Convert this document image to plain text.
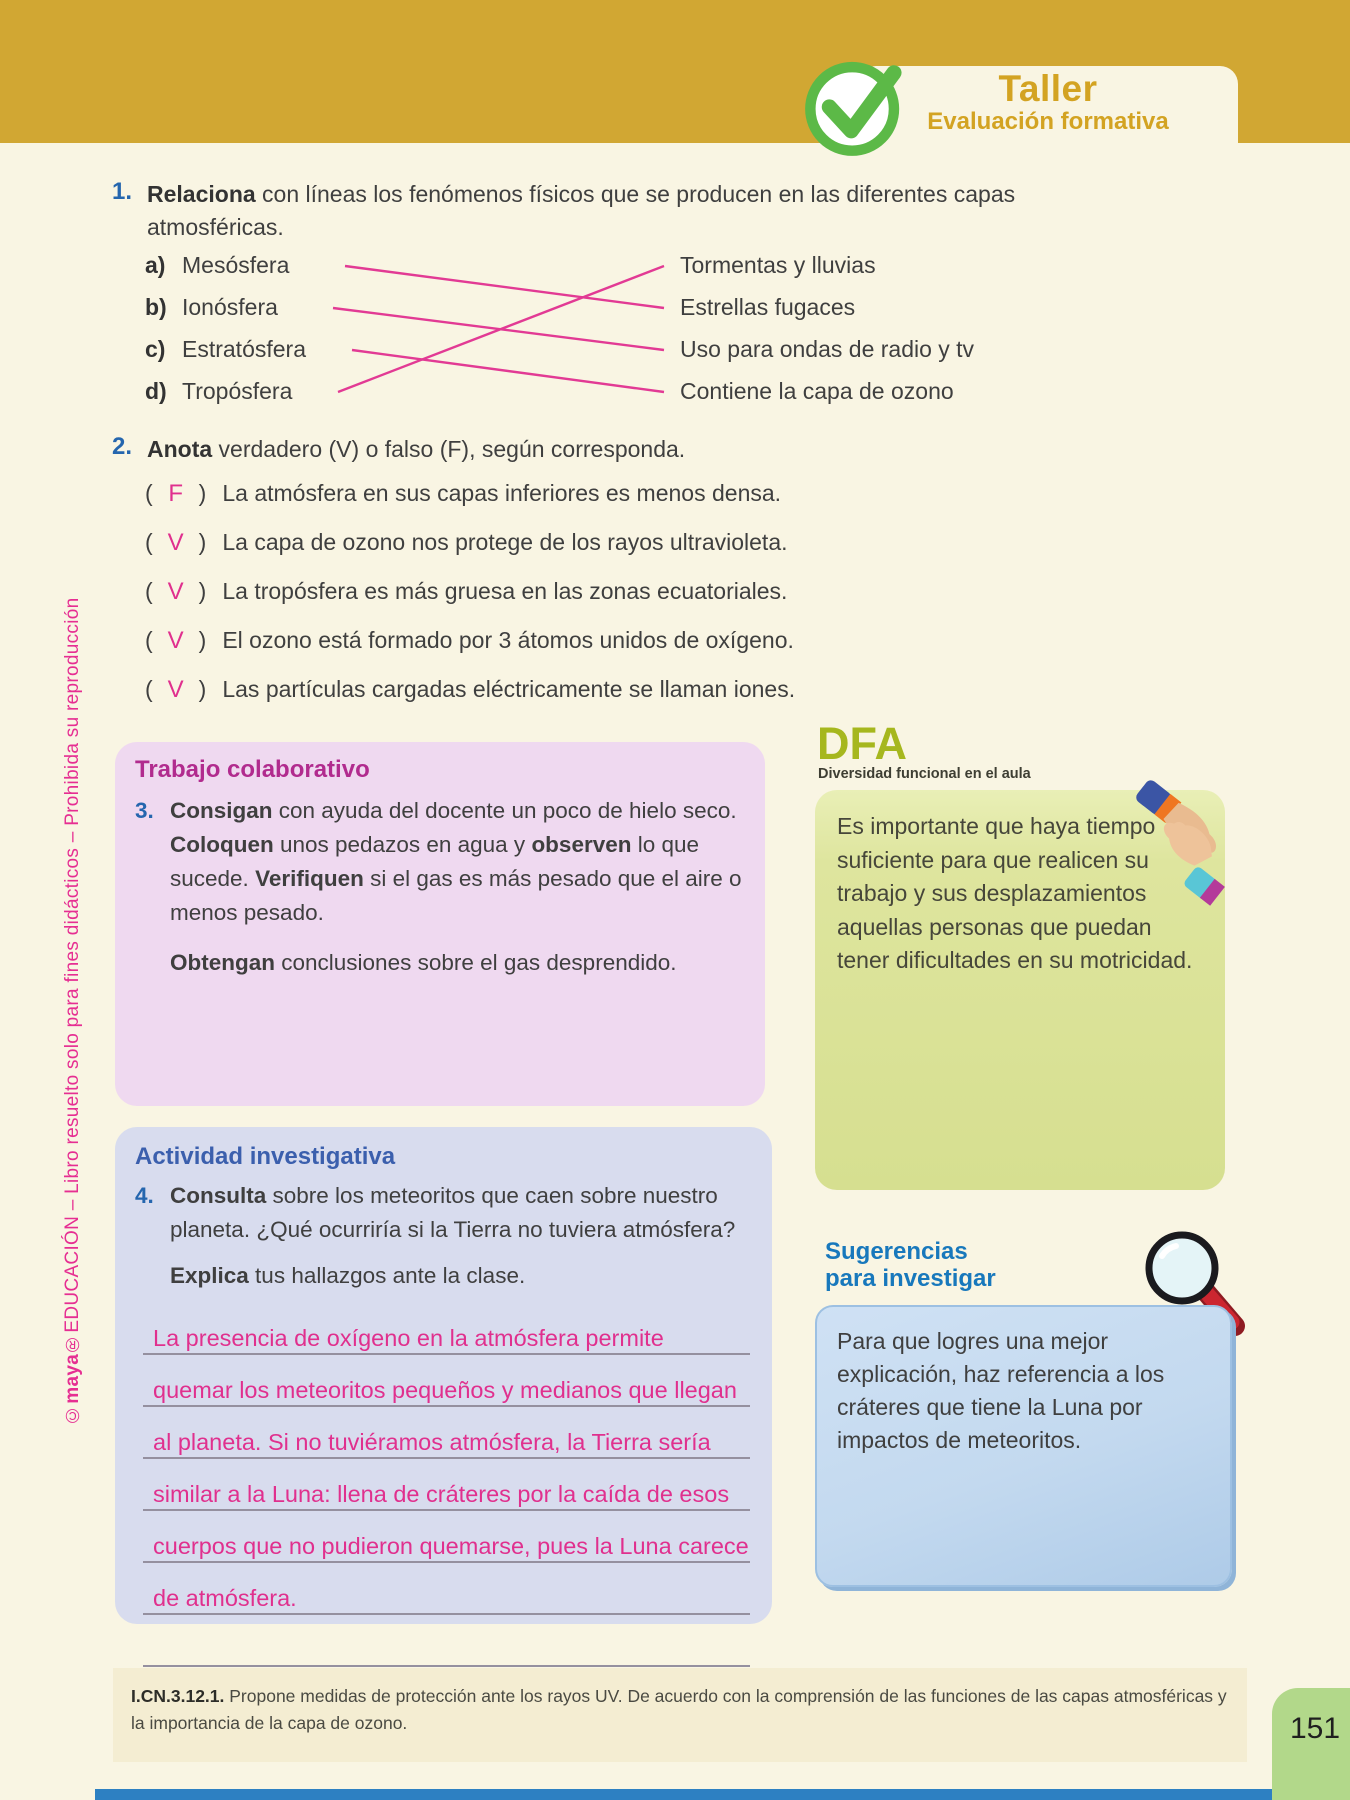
Taller
Evaluación formativa
1. Relaciona con líneas los fenómenos físicos que se producen en las diferentes capas atmosféricas.
a) Mesósfera
b) Ionósfera
c) Estratósfera
d) Tropósfera
Tormentas y lluvias
Estrellas fugaces
Uso para ondas de radio y tv
Contiene la capa de ozono
2. Anota verdadero (V) o falso (F), según corresponda.
( F ) La atmósfera en sus capas inferiores es menos densa.
( V ) La capa de ozono nos protege de los rayos ultravioleta.
( V ) La tropósfera es más gruesa en las zonas ecuatoriales.
( V ) El ozono está formado por 3 átomos unidos de oxígeno.
( V ) Las partículas cargadas eléctricamente se llaman iones.
Trabajo colaborativo
3. Consigan con ayuda del docente un poco de hielo seco. Coloquen unos pedazos en agua y observen lo que sucede. Verifiquen si el gas es más pesado que el aire o menos pesado.
Obtengan conclusiones sobre el gas desprendido.
Actividad investigativa
4. Consulta sobre los meteoritos que caen sobre nuestro planeta. ¿Qué ocurriría si la Tierra no tuviera atmósfera?
Explica tus hallazgos ante la clase.
La presencia de oxígeno en la atmósfera permite
quemar los meteoritos pequeños y medianos que llegan
al planeta. Si no tuviéramos atmósfera, la Tierra sería
similar a la Luna: llena de cráteres por la caída de esos
cuerpos que no pudieron quemarse, pues la Luna carece
de atmósfera.
DFA
Diversidad funcional en el aula
Es importante que haya tiempo suficiente para que realicen su trabajo y sus desplazamientos aquellas personas que puedan tener dificultades en su motricidad.
Sugerencias
para investigar
Para que logres una mejor explicación, haz referencia a los cráteres que tiene la Luna por impactos de meteoritos.
I.CN.3.12.1. Propone medidas de protección ante los rayos UV. De acuerdo con la comprensión de las funciones de las capas atmosféricas y la importancia de la capa de ozono.	151
©maya®EDUCACIÓN – Libro resuelto solo para fines didácticos – Prohibida su reproducción
